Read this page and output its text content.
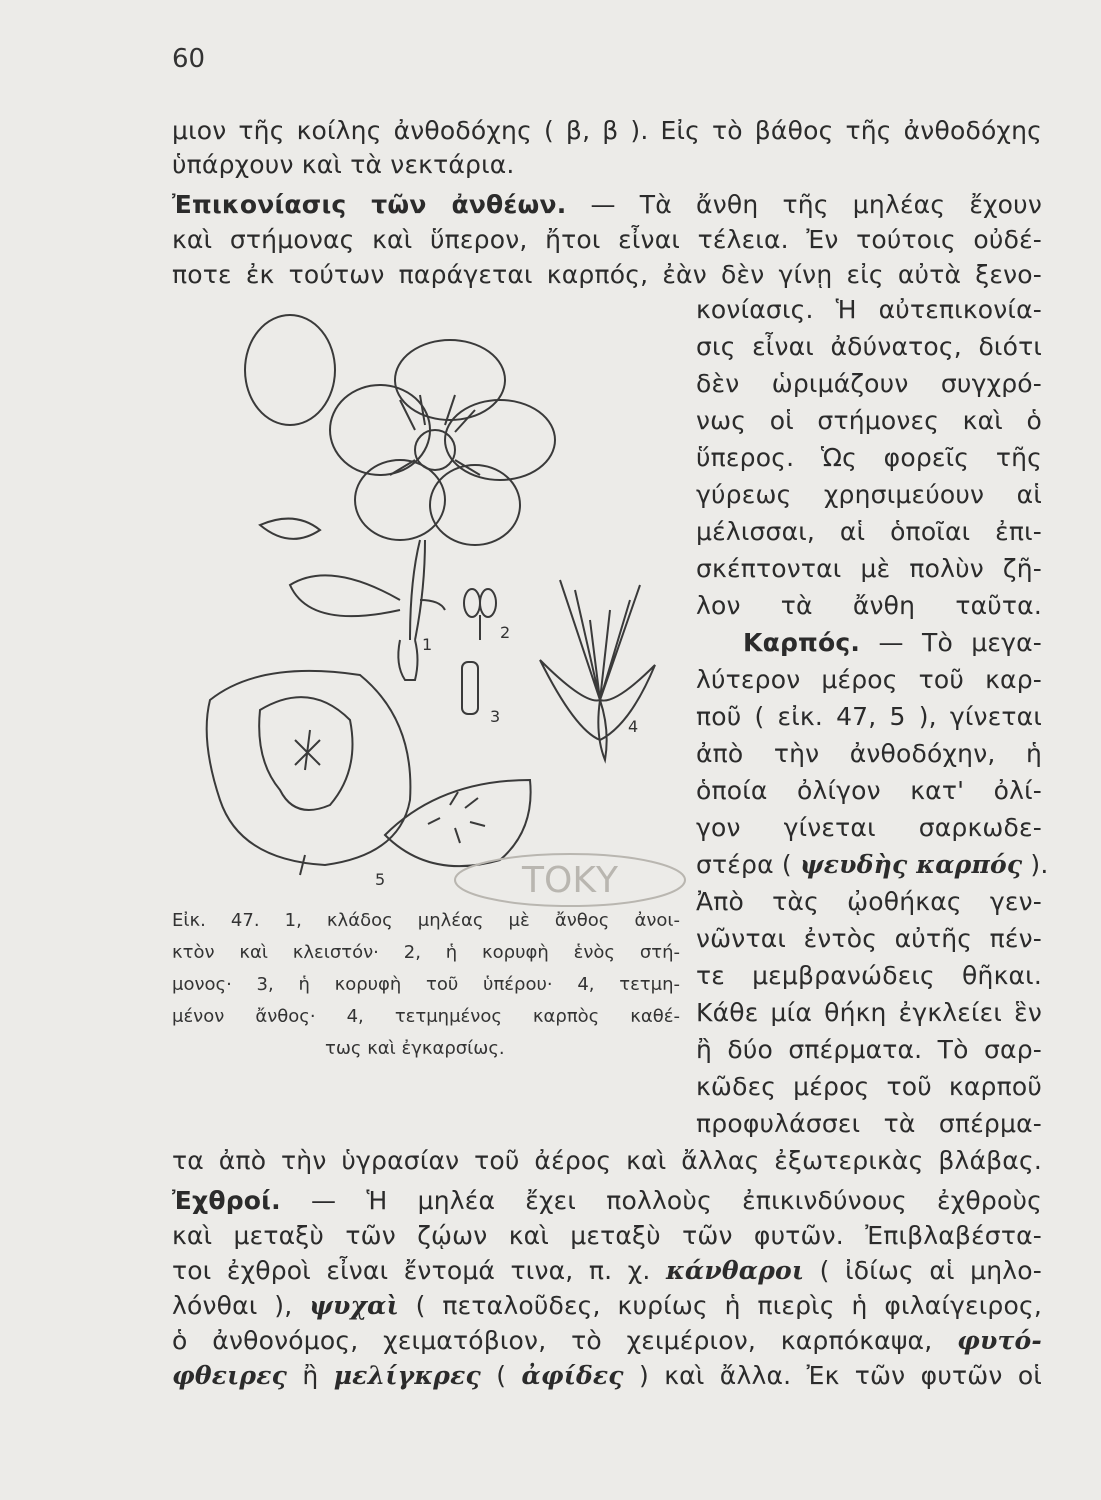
60
μιον τῆς κοίλης ἀνθοδόχης ( β, β ). Εἰς τὸ βάθος τῆς ἀνθοδόχης
ὑπάρχουν καὶ τὰ νεκτάρια.
Ἐπικονίασις τῶν ἀνθέων. — Τὰ ἄνθη τῆς μηλέας ἔχουν
καὶ στήμονας καὶ ὕπερον, ἤτοι εἶναι τέλεια. Ἐν τούτοις οὐδέ-
ποτε ἐκ τούτων παράγεται καρπός, ἐὰν δὲν γίνῃ εἰς αὐτὰ ξενο-
κονίασις. Ἡ αὐτεπικονία-
σις εἶναι ἀδύνατος, διότι
δὲν ὡριμάζουν συγχρό-
νως οἱ στήμονες καὶ ὁ
ὕπερος. Ὡς φορεῖς τῆς
γύρεως χρησιμεύουν αἱ
μέλισσαι, αἱ ὁποῖαι ἐπι-
σκέπτονται μὲ πολὺν ζῆ-
λον τὰ ἄνθη ταῦτα.
Καρπός. — Τὸ μεγα-
λύτερον μέρος τοῦ καρ-
ποῦ ( εἰκ. 47, 5 ), γίνεται
ἀπὸ τὴν ἀνθοδόχην, ἡ
ὁποία ὀλίγον κατ' ὀλί-
γον γίνεται σαρκωδε-
στέρα ( ψευδὴς καρπός ).
Ἀπὸ τὰς ᾠοθήκας γεν-
νῶνται ἐντὸς αὐτῆς πέν-
τε μεμβρανώδεις θῆκαι.
Κάθε μία θήκη ἐγκλείει ἓν
ἢ δύο σπέρματα. Τὸ σαρ-
κῶδες μέρος τοῦ καρποῦ
προφυλάσσει τὰ σπέρμα-
τα ἀπὸ τὴν ὑγρασίαν τοῦ ἀέρος καὶ ἄλλας ἐξωτερικὰς βλάβας.
Εἰκ. 47. 1, κλάδος μηλέας μὲ ἄνθος ἀνοι-
κτὸν καὶ κλειστόν· 2, ἡ κορυφὴ ἑνὸς στή-
μονος· 3, ἡ κορυφὴ τοῦ ὑπέρου· 4, τετμη-
μένον ἄνθος· 4, τετμημένος καρπὸς καθέ-
τως καὶ ἐγκαρσίως.
1
2
3
4
5	ΤΟΚΥ
Ἐχθροί. — Ἡ μηλέα ἔχει πολλοὺς ἐπικινδύνους ἐχθροὺς
καὶ μεταξὺ τῶν ζῴων καὶ μεταξὺ τῶν φυτῶν. Ἐπιβλαβέστα-
τοι ἐχθροὶ εἶναι ἔντομά τινα, π. χ. κάνθαροι ( ἰδίως αἱ μηλο-
λόνθαι ), ψυχαὶ ( πεταλοῦδες, κυρίως ἡ πιερὶς ἡ φιλαίγειρος,
ὁ ἀνθονόμος, χειματόβιον, τὸ χειμέριον, καρπόκαψα, φυτό-
φθειρες ἢ μελίγκρες ( ἀφίδες ) καὶ ἄλλα. Ἐκ τῶν φυτῶν οἱ
